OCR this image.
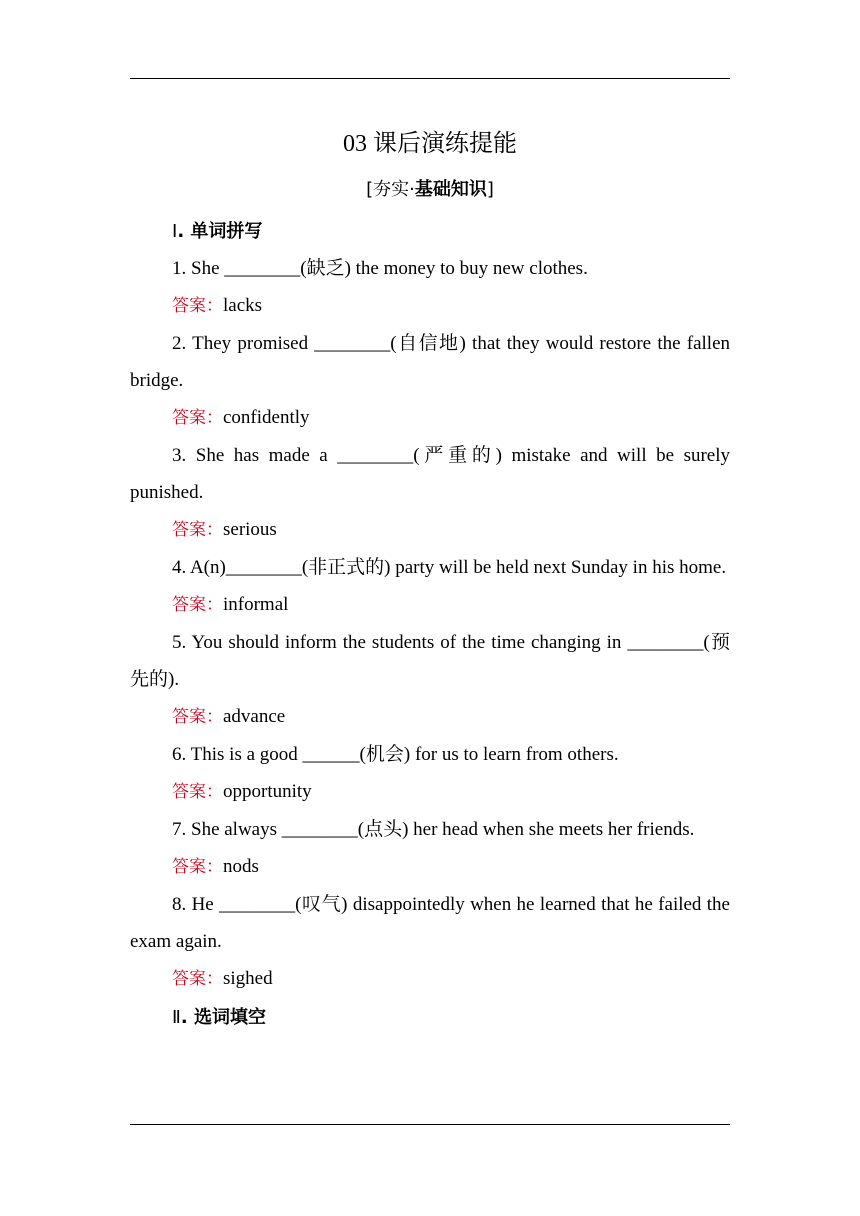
03 课后演练提能
[夯实·基础知识]
Ⅰ. 单词拼写

1. She ________(缺乏) the money to buy new clothes.

答案：lacks

2. They promised ________(自信地) that they would restore the fallen bridge.

答案：confidently

3. She has made a ________(严重的) mistake and will be surely punished.

答案：serious

4. A(n)________(非正式的) party will be held next Sunday in his home.

答案：informal

5. You should inform the students of the time changing in ________(预先的).

答案：advance

6. This is a good ______(机会) for us to learn from others.

答案：opportunity

7. She always ________(点头) her head when she meets her friends.

答案：nods

8. He ________(叹气) disappointedly when he learned that he failed the exam again.

答案：sighed

Ⅱ. 选词填空
